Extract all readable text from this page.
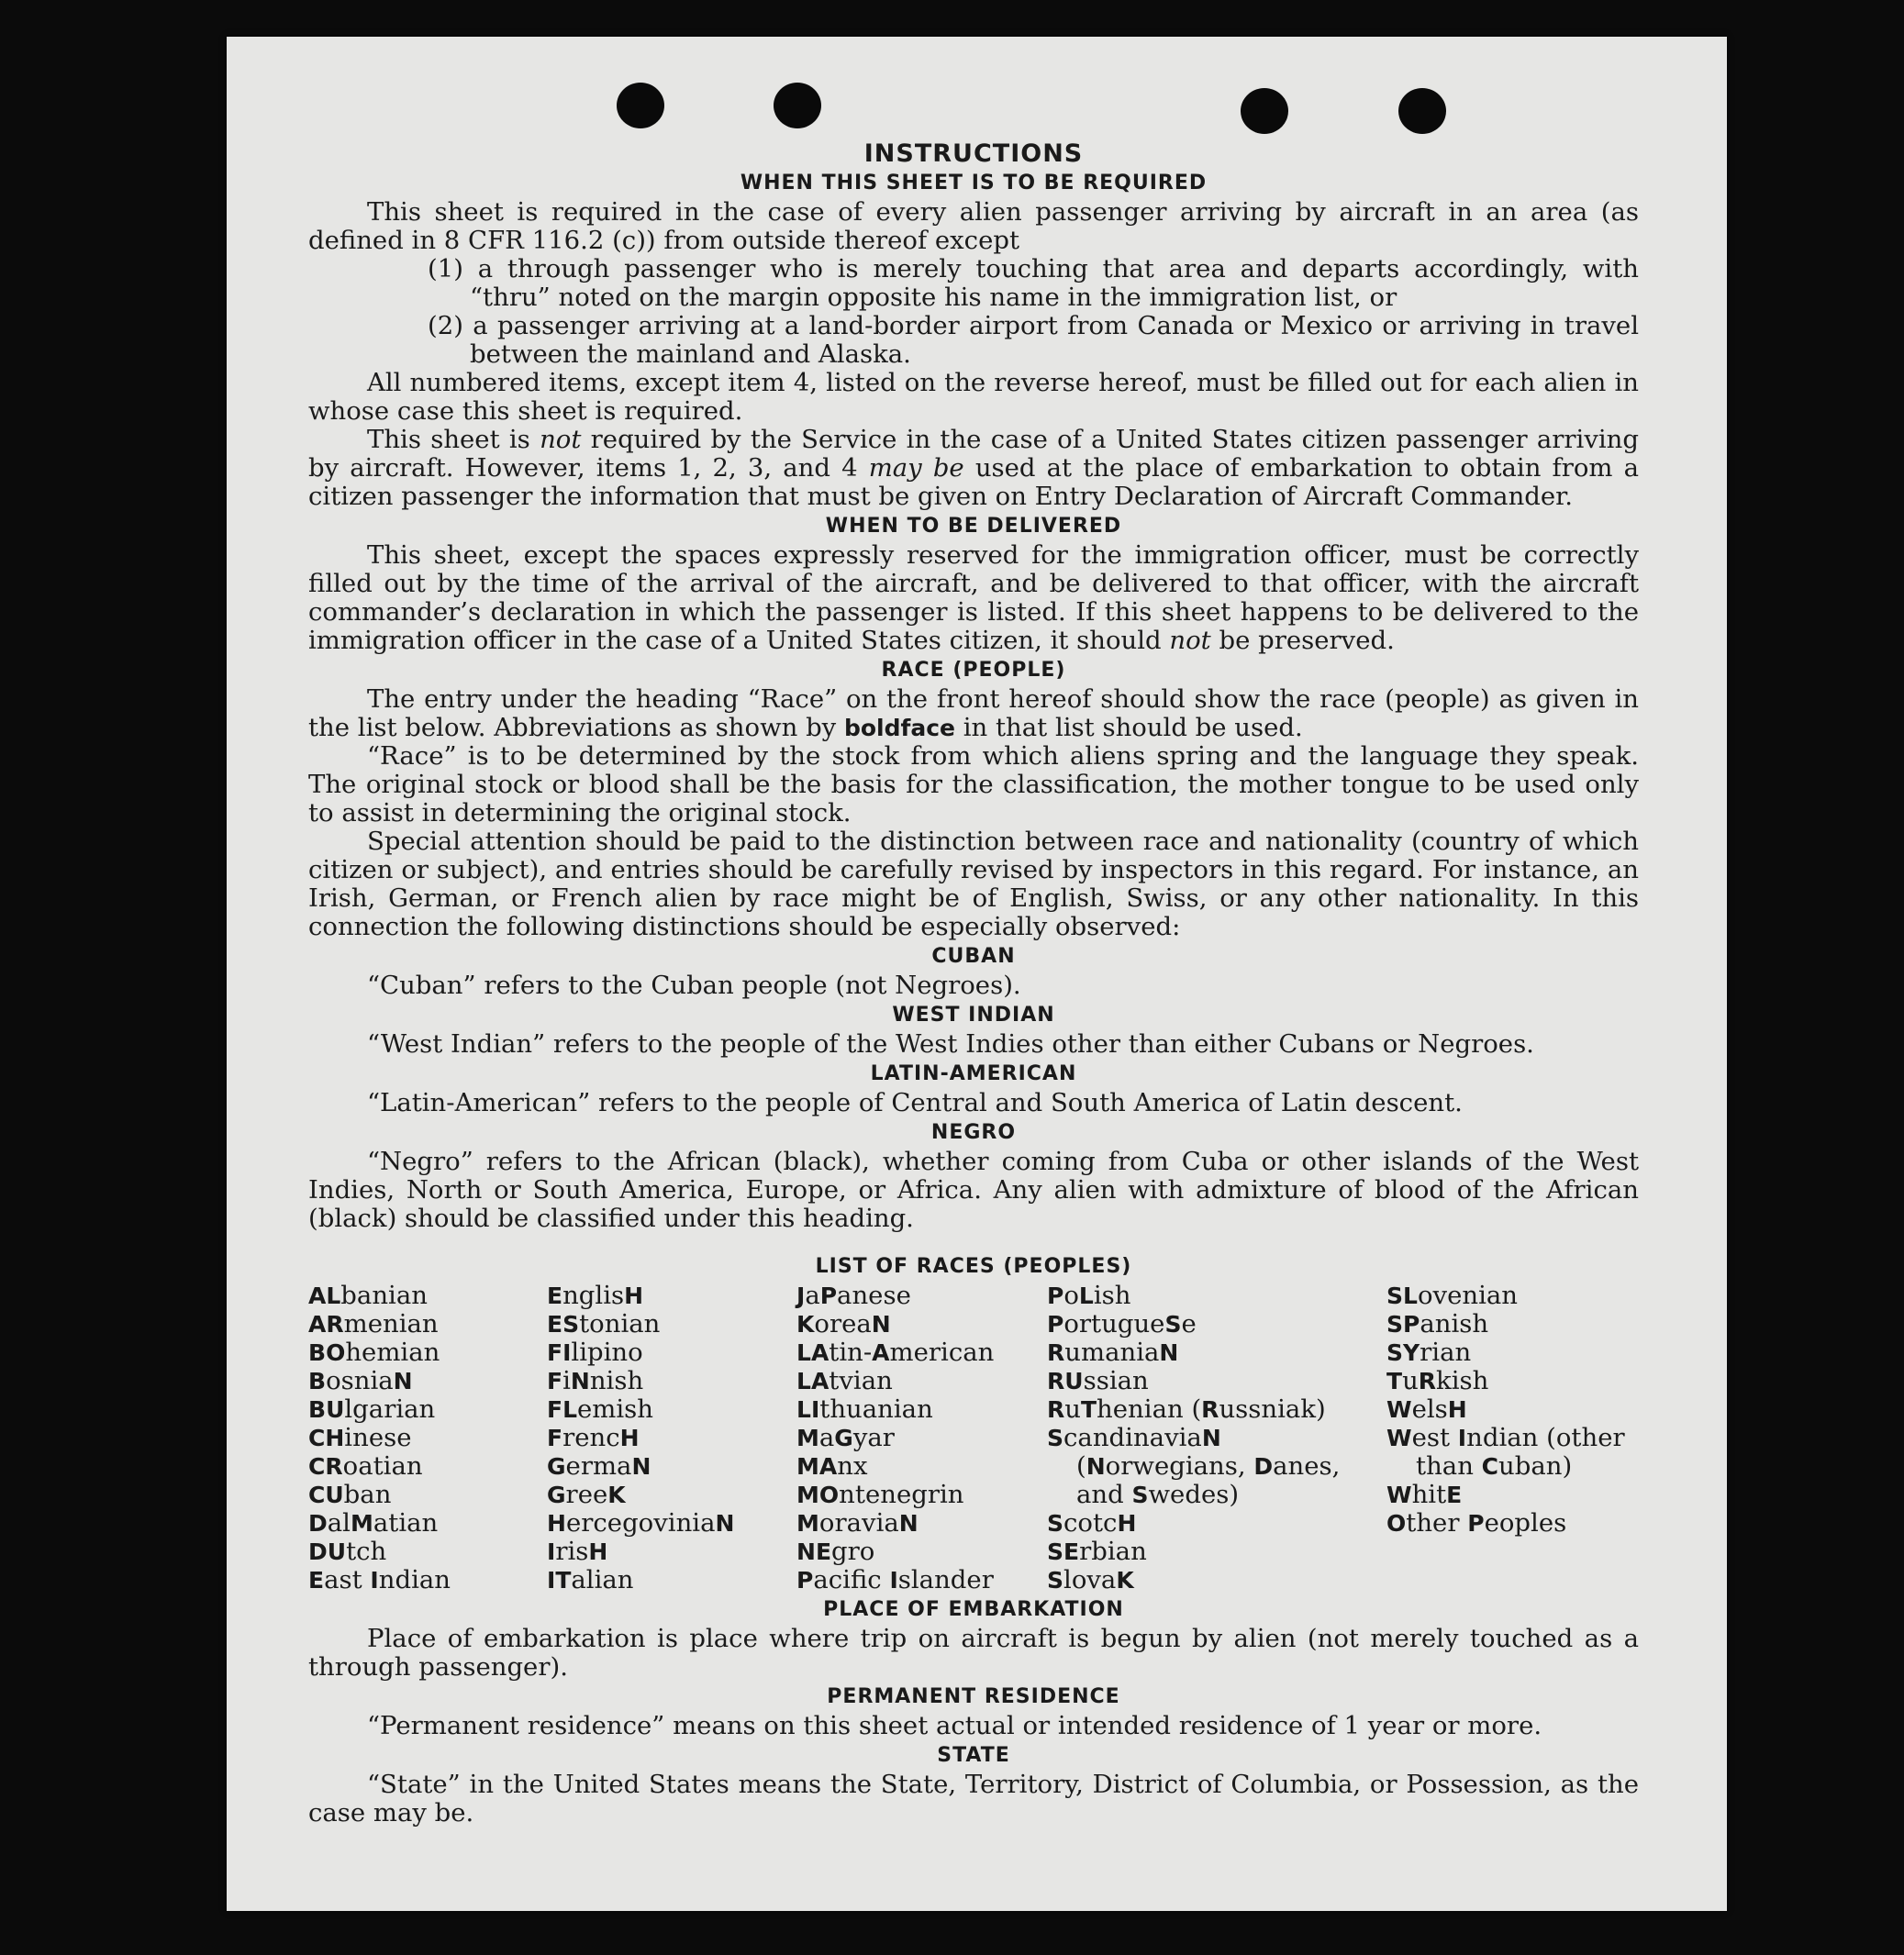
INSTRUCTIONS
WHEN THIS SHEET IS TO BE REQUIRED

This sheet is required in the case of every alien passenger arriving by aircraft in an area (as defined in 8 CFR 116.2 (c)) from outside thereof except

(1) a through passenger who is merely touching that area and departs accordingly, with “thru” noted on the margin opposite his name in the immigration list, or
(2) a passenger arriving at a land-border airport from Canada or Mexico or arriving in travel between the mainland and Alaska.

All numbered items, except item 4, listed on the reverse hereof, must be filled out for each alien in whose case this sheet is required.

This sheet is not required by the Service in the case of a United States citizen passenger arriving by aircraft. However, items 1, 2, 3, and 4 may be used at the place of embarkation to obtain from a citizen passenger the information that must be given on Entry Declaration of Aircraft Commander.

WHEN TO BE DELIVERED

This sheet, except the spaces expressly reserved for the immigration officer, must be correctly filled out by the time of the arrival of the aircraft, and be delivered to that officer, with the aircraft commander’s declaration in which the passenger is listed. If this sheet happens to be delivered to the immigration officer in the case of a United States citizen, it should not be preserved.

RACE (PEOPLE)

The entry under the heading “Race” on the front hereof should show the race (people) as given in the list below. Abbreviations as shown by boldface in that list should be used.

“Race” is to be determined by the stock from which aliens spring and the language they speak. The original stock or blood shall be the basis for the classification, the mother tongue to be used only to assist in determining the original stock.

Special attention should be paid to the distinction between race and nationality (country of which citizen or subject), and entries should be carefully revised by inspectors in this regard. For instance, an Irish, German, or French alien by race might be of English, Swiss, or any other nationality. In this connection the following distinctions should be especially observed:

CUBAN

“Cuban” refers to the Cuban people (not Negroes).

WEST INDIAN

“West Indian” refers to the people of the West Indies other than either Cubans or Negroes.

LATIN-AMERICAN

“Latin-American” refers to the people of Central and South America of Latin descent.

NEGRO

“Negro” refers to the African (black), whether coming from Cuba or other islands of the West Indies, North or South America, Europe, or Africa. Any alien with admixture of blood of the African (black) should be classified under this heading.

LIST OF RACES (PEOPLES)
ALbanian
ARmenian
BOhemian
BosniaN
BUlgarian
CHinese
CRoatian
CUban
DalMatian
DUtch
East Indian
EnglisH
EStonian
FIlipino
FiNnish
FLemish
FrencH
GermaN
GreeK
HercegoviniaN
IrisH
ITalian
JaPanese
KoreaN
LAtin-American
LAtvian
LIthuanian
MaGyar
MAnx
MOntenegrin
MoraviaN
NEgro
Pacifc Islander
PoLish
PortugueSe
RumaniaN
RUssian
RuThenian (Russniak)
ScandinaviaN (Norwegians, Danes, and Swedes)
ScotcH
SErbian
SlovaK
SLovenian
SPanish
SYrian
TuRkish
WelsH
West Indian (other than Cuban)
WhitE
Other Peoples
PLACE OF EMBARKATION

Place of embarkation is place where trip on aircraft is begun by alien (not merely touched as a through passenger).

PERMANENT RESIDENCE

“Permanent residence” means on this sheet actual or intended residence of 1 year or more.

STATE

“State” in the United States means the State, Territory, District of Columbia, or Possession, as the case may be.
